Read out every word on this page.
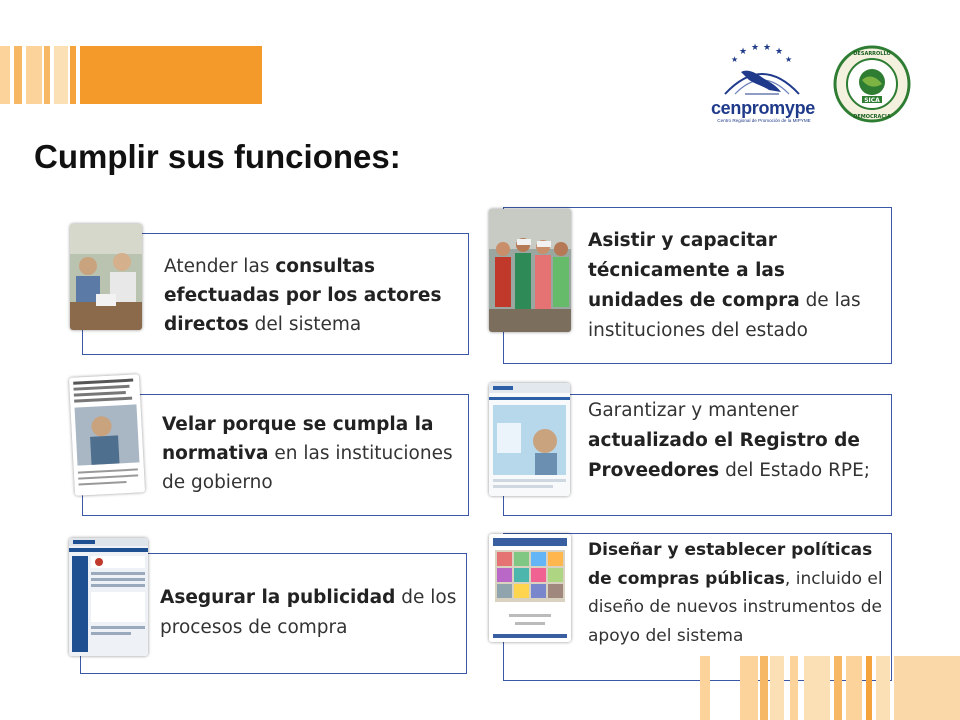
★ ★ ★ ★
★	★
cenpromype
Centro Regional de Promoción de la MIPYME
SICA
DESARROLLO
DEMOCRACIA
Cumplir sus funciones:
Atender las consultas efectuadas por los actores directos del sistema
Asistir y capacitar técnicamente a las unidades de compra de las instituciones del estado
Velar porque se cumpla la normativa en las instituciones de gobierno
Garantizar y mantener actualizado el Registro de Proveedores del Estado RPE;
Asegurar la publicidad de los procesos de compra
Diseñar y establecer políticas de compras públicas, incluido el diseño de nuevos instrumentos de apoyo del sistema
